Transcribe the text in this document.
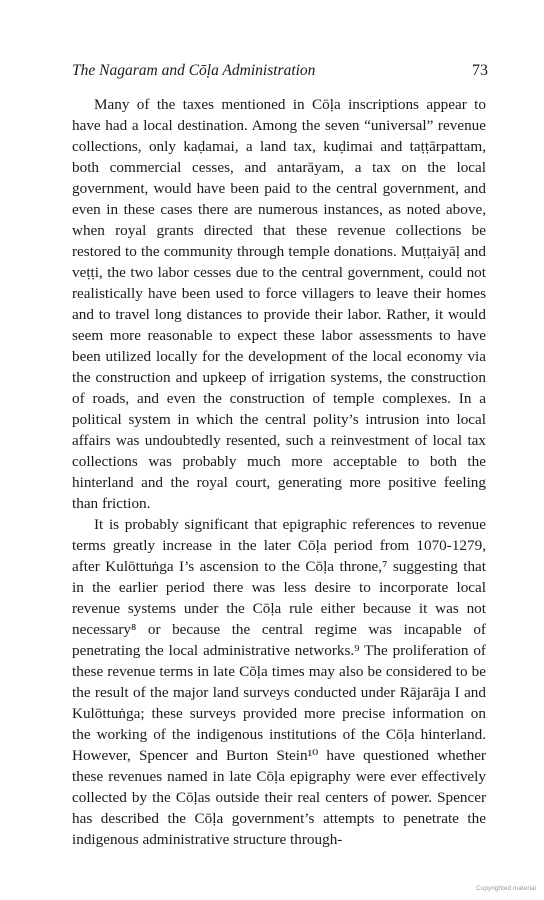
The Nagaram and Cōḷa Administration	73

Many of the taxes mentioned in Cōḷa inscriptions appear to have had a local destination. Among the seven “universal” revenue collections, only kaḍamai, a land tax, kuḍimai and taṭṭārpattam, both commercial cesses, and antarāyam, a tax on the local government, would have been paid to the central government, and even in these cases there are numerous instances, as noted above, when royal grants directed that these revenue collections be restored to the community through temple donations. Muṭṭaiyāḷ and veṭṭi, the two labor cesses due to the central government, could not realistically have been used to force villagers to leave their homes and to travel long distances to provide their labor. Rather, it would seem more reasonable to expect these labor assessments to have been utilized locally for the development of the local economy via the construction and upkeep of irrigation systems, the construction of roads, and even the construction of temple complexes. In a political system in which the central polity’s intrusion into local affairs was undoubtedly resented, such a reinvestment of local tax collections was probably much more acceptable to both the hinterland and the royal court, generating more positive feeling than friction.

It is probably significant that epigraphic references to revenue terms greatly increase in the later Cōḷa period from 1070-1279, after Kulōttuṅga I’s ascension to the Cōḷa throne,⁷ suggesting that in the earlier period there was less desire to incorporate local revenue systems under the Cōḷa rule either because it was not necessary⁸ or because the central regime was incapable of penetrating the local administrative networks.⁹ The proliferation of these revenue terms in late Cōḷa times may also be considered to be the result of the major land surveys conducted under Rājarāja I and Kulōttuṅga; these surveys provided more precise information on the working of the indigenous institutions of the Cōḷa hinterland. However, Spencer and Burton Stein¹⁰ have questioned whether these revenues named in late Cōḷa epigraphy were ever effectively collected by the Cōḷas outside their real centers of power. Spencer has described the Cōḷa government’s attempts to penetrate the indigenous administrative structure through-

Copyrighted material
